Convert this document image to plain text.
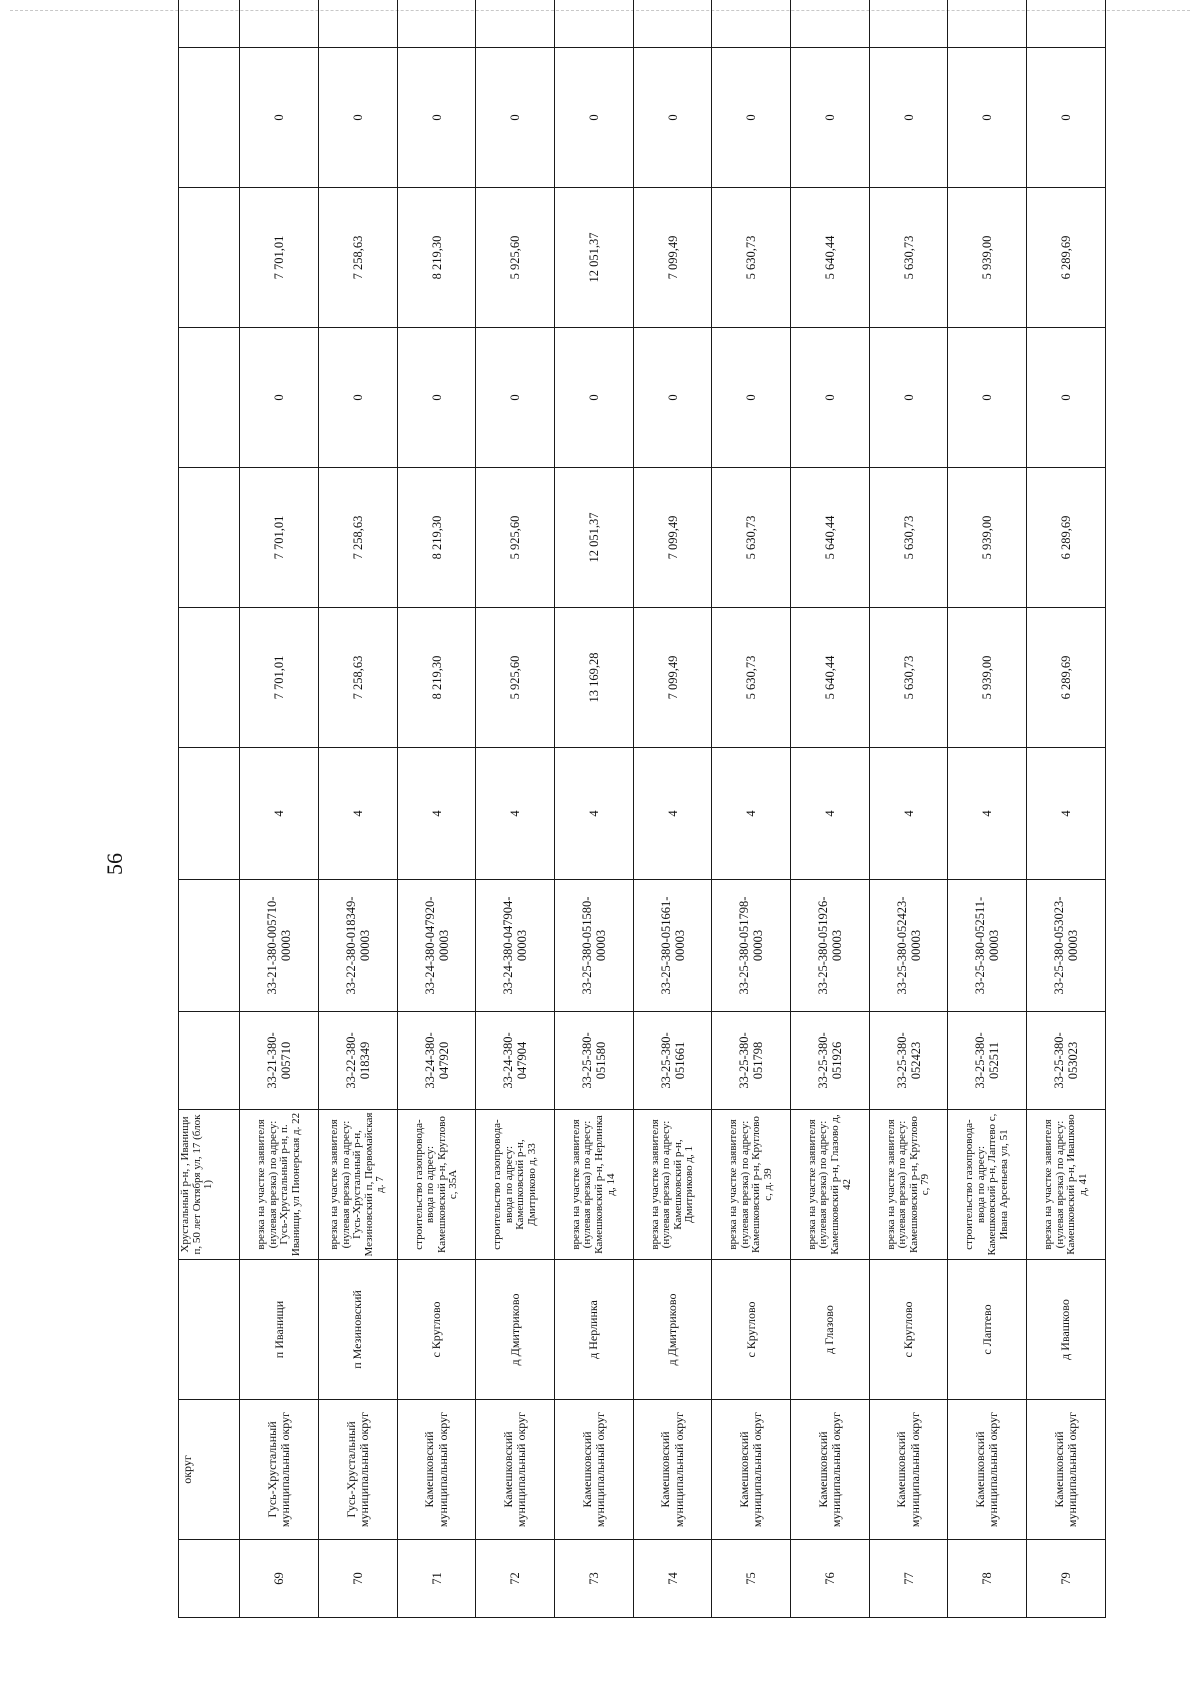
56
	округ		Хрустальный р-н, , Иванищи п, 50 лет Октября ул, 17 (блок 1)									
69	Гусь-Хрустальный муниципальный округ	п Иванищи	врезка на участке заявителя (нулевая врезка) по адресу: Гусь-Хрустальный р-н, п. Иванищи, ул Пионерская д. 22	33-21-380-005710	33-21-380-005710-00003	4	7 701,01	7 701,01	0	7 701,01	0	
70	Гусь-Хрустальный муниципальный округ	п Мезиновский	врезка на участке заявителя (нулевая врезка) по адресу: Гусь-Хрустальный р-н, Мезиновский п, Первомайская д. 7	33-22-380-018349	33-22-380-018349-00003	4	7 258,63	7 258,63	0	7 258,63	0	
71	Камешковский муниципальный округ	с Круглово	строительство газопровода-ввода по адресу: Камешковский р-н, Круглово с, 35А	33-24-380-047920	33-24-380-047920-00003	4	8 219,30	8 219,30	0	8 219,30	0	
72	Камешковский муниципальный округ	д Дмитриково	строительство газопровода-ввода по адресу: Камешковский р-н, Дмитриково д, 33	33-24-380-047904	33-24-380-047904-00003	4	5 925,60	5 925,60	0	5 925,60	0	
73	Камешковский муниципальный округ	д Нерлинка	врезка на участке заявителя (нулевая врезка) по адресу: Камешковский р-н, Нерлинка д, 14	33-25-380-051580	33-25-380-051580-00003	4	13 169,28	12 051,37	0	12 051,37	0	
74	Камешковский муниципальный округ	д Дмитриково	врезка на участке заявителя (нулевая врезка) по адресу: Камешковский р-н, Дмитриково д, 1	33-25-380-051661	33-25-380-051661-00003	4	7 099,49	7 099,49	0	7 099,49	0	
75	Камешковский муниципальный округ	с Круглово	врезка на участке заявителя (нулевая врезка) по адресу: Камешковский р-н, Круглово с, д. 39	33-25-380-051798	33-25-380-051798-00003	4	5 630,73	5 630,73	0	5 630,73	0	
76	Камешковский муниципальный округ	д Глазово	врезка на участке заявителя (нулевая врезка) по адресу: Камешковский р-н, Глазово д, 42	33-25-380-051926	33-25-380-051926-00003	4	5 640,44	5 640,44	0	5 640,44	0	
77	Камешковский муниципальный округ	с Круглово	врезка на участке заявителя (нулевая врезка) по адресу: Камешковский р-н, Круглово с, 79	33-25-380-052423	33-25-380-052423-00003	4	5 630,73	5 630,73	0	5 630,73	0	
78	Камешковский муниципальный округ	с Лаптево	строительство газопровода-ввода по адресу: Камешковский р-н, Лаптево с, Ивана Арсеньева ул, 51	33-25-380-052511	33-25-380-052511-00003	4	5 939,00	5 939,00	0	5 939,00	0	
79	Камешковский муниципальный округ	д Ивашково	врезка на участке заявителя (нулевая врезка) по адресу: Камешковский р-н, Ивашково д, 41	33-25-380-053023	33-25-380-053023-00003	4	6 289,69	6 289,69	0	6 289,69	0	
